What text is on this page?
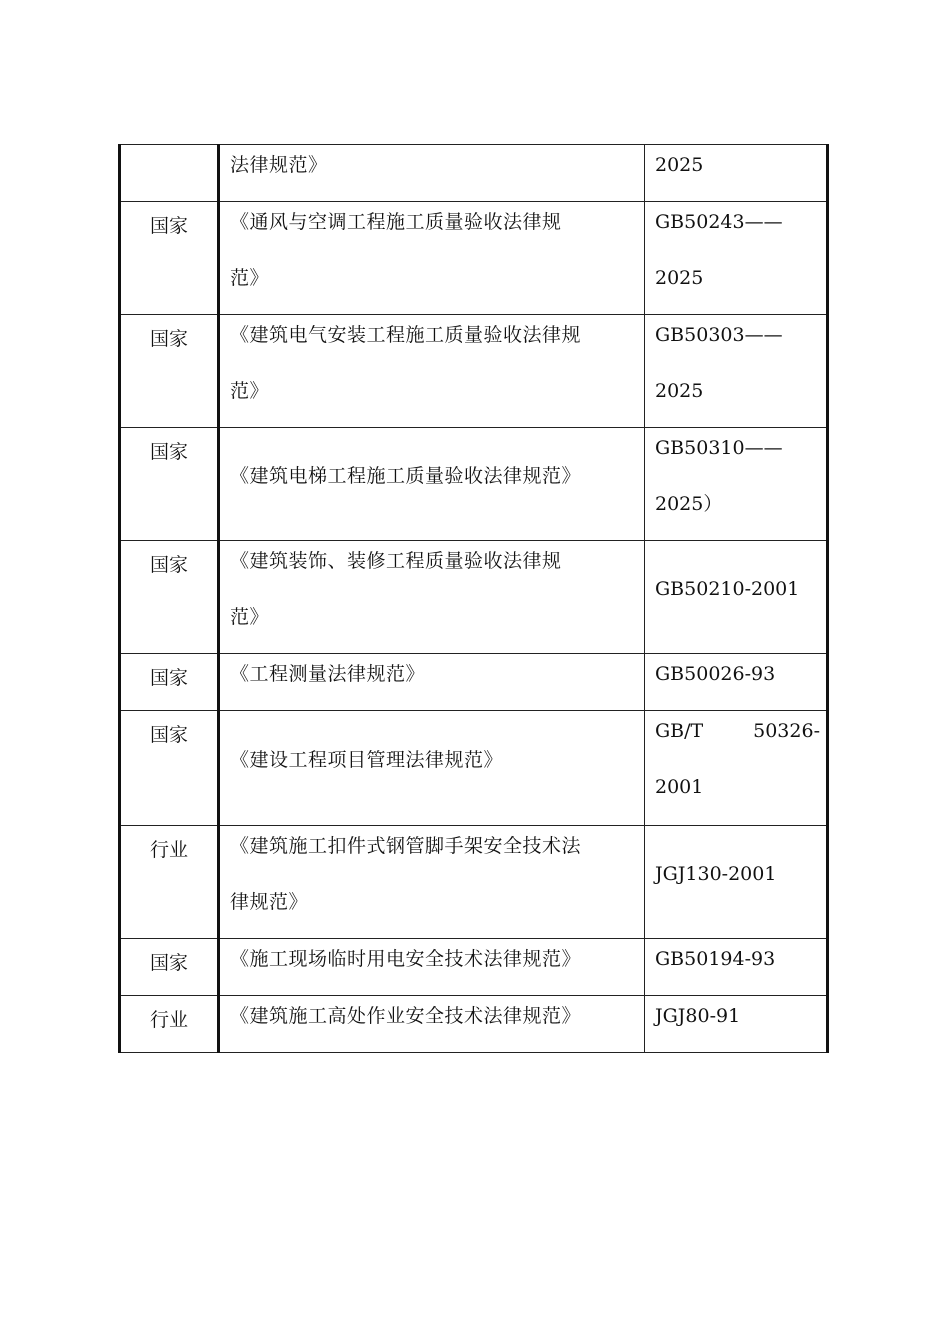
	法律规范》	2025

国家	《通风与空调工程施工质量验收法律规
范》	GB50243——
2025

国家	《建筑电气安装工程施工质量验收法律规
范》	GB50303——
2025

国家	《建筑电梯工程施工质量验收法律规范》	GB50310——
2025）

国家	《建筑装饰、装修工程质量验收法律规
范》	GB50210-2001

国家	《工程测量法律规范》	GB50026-93

国家	《建设工程项目管理法律规范》	GB/T 50326-
2001

行业	《建筑施工扣件式钢管脚手架安全技术法
律规范》	JGJ130-2001

国家	《施工现场临时用电安全技术法律规范》	GB50194-93

行业	《建筑施工高处作业安全技术法律规范》	JGJ80-91
